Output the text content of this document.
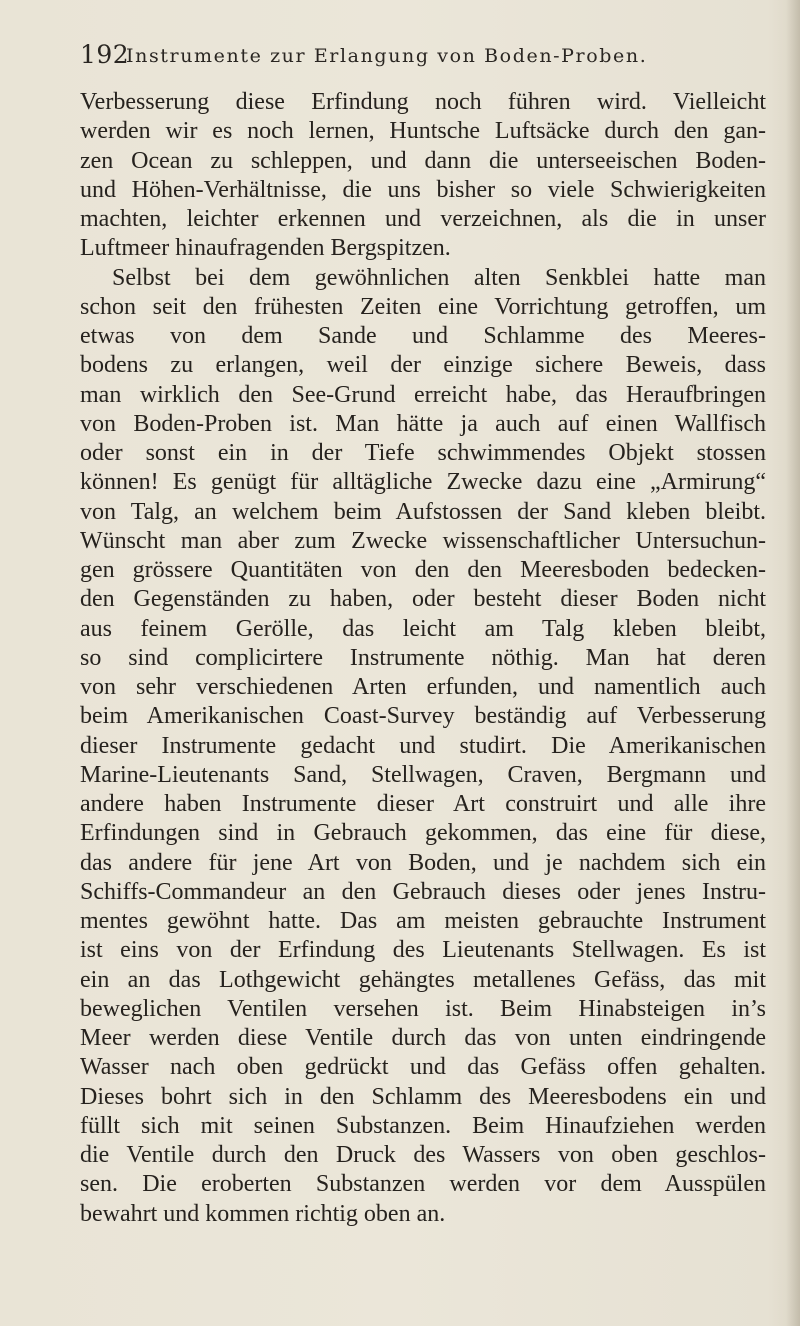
192
Instrumente zur Erlangung von Boden-Proben.

Verbesserung diese Erfindung noch führen wird. Vielleicht
werden wir es noch lernen, Huntsche Luftsäcke durch den gan-
zen Ocean zu schleppen, und dann die unterseeischen Boden-
und Höhen-Verhältnisse, die uns bisher so viele Schwierigkeiten
machten, leichter erkennen und verzeichnen, als die in unser
Luftmeer hinaufragenden Bergspitzen.

Selbst bei dem gewöhnlichen alten Senkblei hatte man
schon seit den frühesten Zeiten eine Vorrichtung getroffen, um
etwas von dem Sande und Schlamme des Meeres-
bodens zu erlangen, weil der einzige sichere Beweis, dass
man wirklich den See-Grund erreicht habe, das Heraufbringen
von Boden-Proben ist. Man hätte ja auch auf einen Wallfisch
oder sonst ein in der Tiefe schwimmendes Objekt stossen
können! Es genügt für alltägliche Zwecke dazu eine „Armirung“
von Talg, an welchem beim Aufstossen der Sand kleben bleibt.
Wünscht man aber zum Zwecke wissenschaftlicher Untersuchun-
gen grössere Quantitäten von den den Meeresboden bedecken-
den Gegenständen zu haben, oder besteht dieser Boden nicht
aus feinem Gerölle, das leicht am Talg kleben bleibt,
so sind complicirtere Instrumente nöthig. Man hat deren
von sehr verschiedenen Arten erfunden, und namentlich auch
beim Amerikanischen Coast-Survey beständig auf Verbesserung
dieser Instrumente gedacht und studirt. Die Amerikanischen
Marine-Lieutenants Sand, Stellwagen, Craven, Bergmann und
andere haben Instrumente dieser Art construirt und alle ihre
Erfindungen sind in Gebrauch gekommen, das eine für diese,
das andere für jene Art von Boden, und je nachdem sich ein
Schiffs-Commandeur an den Gebrauch dieses oder jenes Instru-
mentes gewöhnt hatte. Das am meisten gebrauchte Instrument
ist eins von der Erfindung des Lieutenants Stellwagen. Es ist
ein an das Lothgewicht gehängtes metallenes Gefäss, das mit
beweglichen Ventilen versehen ist. Beim Hinabsteigen in’s
Meer werden diese Ventile durch das von unten eindringende
Wasser nach oben gedrückt und das Gefäss offen gehalten.
Dieses bohrt sich in den Schlamm des Meeresbodens ein und
füllt sich mit seinen Substanzen. Beim Hinaufziehen werden
die Ventile durch den Druck des Wassers von oben geschlos-
sen. Die eroberten Substanzen werden vor dem Ausspülen
bewahrt und kommen richtig oben an.
